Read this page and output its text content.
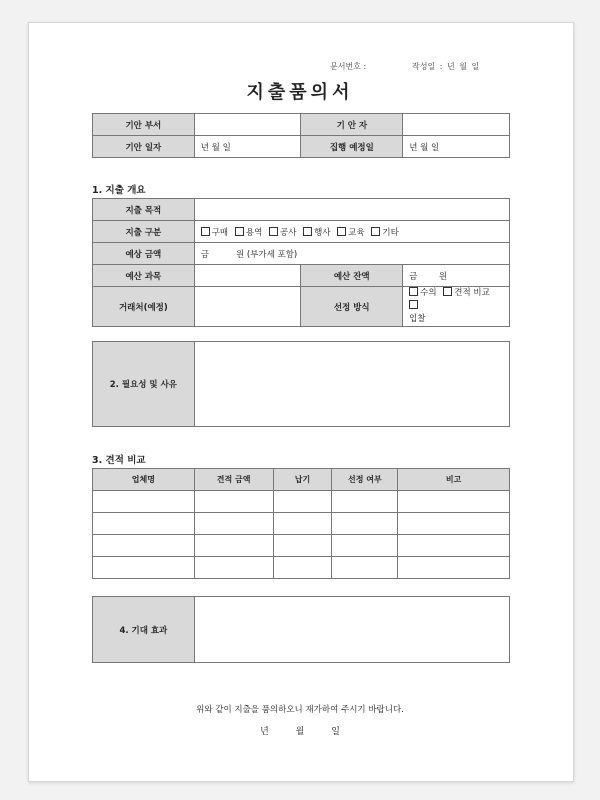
문서번호 :	작성일 : 년 월 일
지출품의서
기안 부서		기 안 자	
기안 일자	년 월 일	집행 예정일	년 월 일
1. 지출 개요
지출 목적			
지출 구분	구매 용역 공사 행사 교육 기타		
예상 금액	금          원 (부가세 포함)		
예산 과목		예산 잔액	금        원
거래처(예정)		선정 방식	수의 견적 비교
입찰
2. 필요성 및 사유	
3. 견적 비교
업체명	견적 금액	납기	선정 여부	비고

4. 기대 효과	
위와 같이 지출을 품의하오니 재가하여 주시기 바랍니다.
년 월 일
